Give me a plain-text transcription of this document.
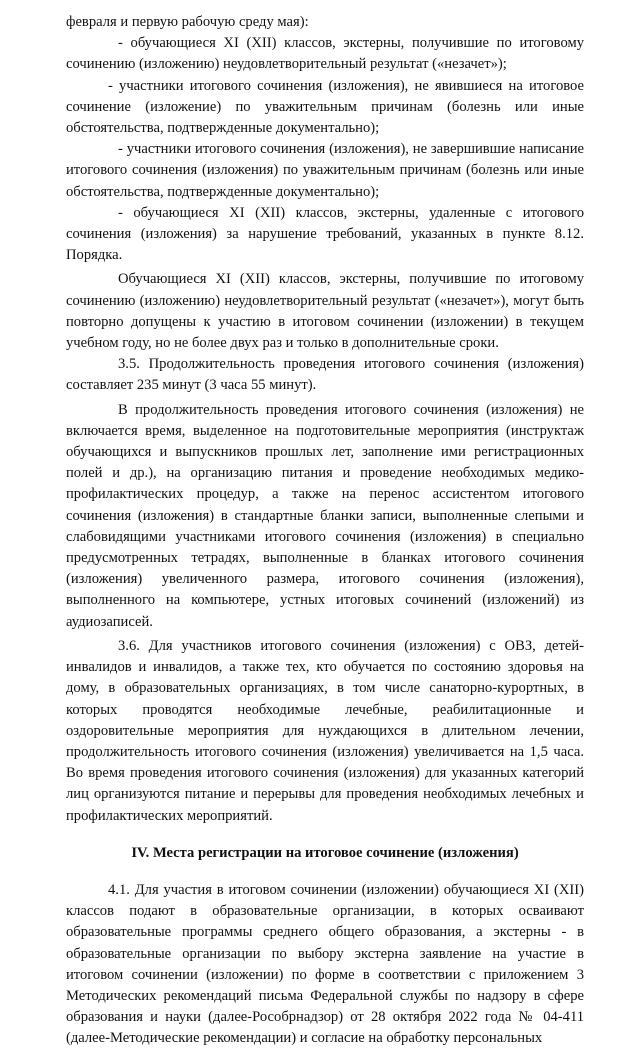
февраля и первую рабочую среду мая):

- обучающиеся XI (XII) классов, экстерны, получившие по итоговому сочинению (изложению) неудовлетворительный результат («незачет»);

- участники итогового сочинения (изложения), не явившиеся на итоговое сочинение (изложение) по уважительным причинам (болезнь или иные обстоятельства, подтвержденные документально);

- участники итогового сочинения (изложения), не завершившие написание итогового сочинения (изложения) по уважительным причинам (болезнь или иные обстоятельства, подтвержденные документально);

- обучающиеся XI (XII) классов, экстерны, удаленные с итогового сочинения (изложения) за нарушение требований, указанных в пункте 8.12. Порядка.

Обучающиеся XI (XII) классов, экстерны, получившие по итоговому сочинению (изложению) неудовлетворительный результат («незачет»), могут быть повторно допущены к участию в итоговом сочинении (изложении) в текущем учебном году, но не более двух раз и только в дополнительные сроки.

3.5. Продолжительность проведения итогового сочинения (изложения) составляет 235 минут (3 часа 55 минут).

В продолжительность проведения итогового сочинения (изложения) не включается время, выделенное на подготовительные мероприятия (инструктаж обучающихся и выпускников прошлых лет, заполнение ими регистрационных полей и др.), на организацию питания и проведение необходимых медико-профилактических процедур, а также на перенос ассистентом итогового сочинения (изложения) в стандартные бланки записи, выполненные слепыми и слабовидящими участниками итогового сочинения (изложения) в специально предусмотренных тетрадях, выполненные в бланках итогового сочинения (изложения) увеличенного размера, итогового сочинения (изложения), выполненного на компьютере, устных итоговых сочинений (изложений) из аудиозаписей.

3.6. Для участников итогового сочинения (изложения) с ОВЗ, детей-инвалидов и инвалидов, а также тех, кто обучается по состоянию здоровья на дому, в образовательных организациях, в том числе санаторно-курортных, в которых проводятся необходимые лечебные, реабилитационные и оздоровительные мероприятия для нуждающихся в длительном лечении, продолжительность итогового сочинения (изложения) увеличивается на 1,5 часа. Во время проведения итогового сочинения (изложения) для указанных категорий лиц организуются питание и перерывы для проведения необходимых лечебных и профилактических мероприятий.

IV. Места регистрации на итоговое сочинение (изложения)

4.1. Для участия в итоговом сочинении (изложении) обучающиеся XI (XII) классов подают в образовательные организации, в которых осваивают образовательные программы среднего общего образования, а экстерны - в образовательные организации по выбору экстерна заявление на участие в итоговом сочинении (изложении) по форме в соответствии с приложением 3 Методических рекомендаций письма Федеральной службы по надзору в сфере образования и науки (далее-Рособрнадзор) от 28 октября 2022 года № 04-411 (далее-Методические рекомендации) и согласие на обработку персональных
